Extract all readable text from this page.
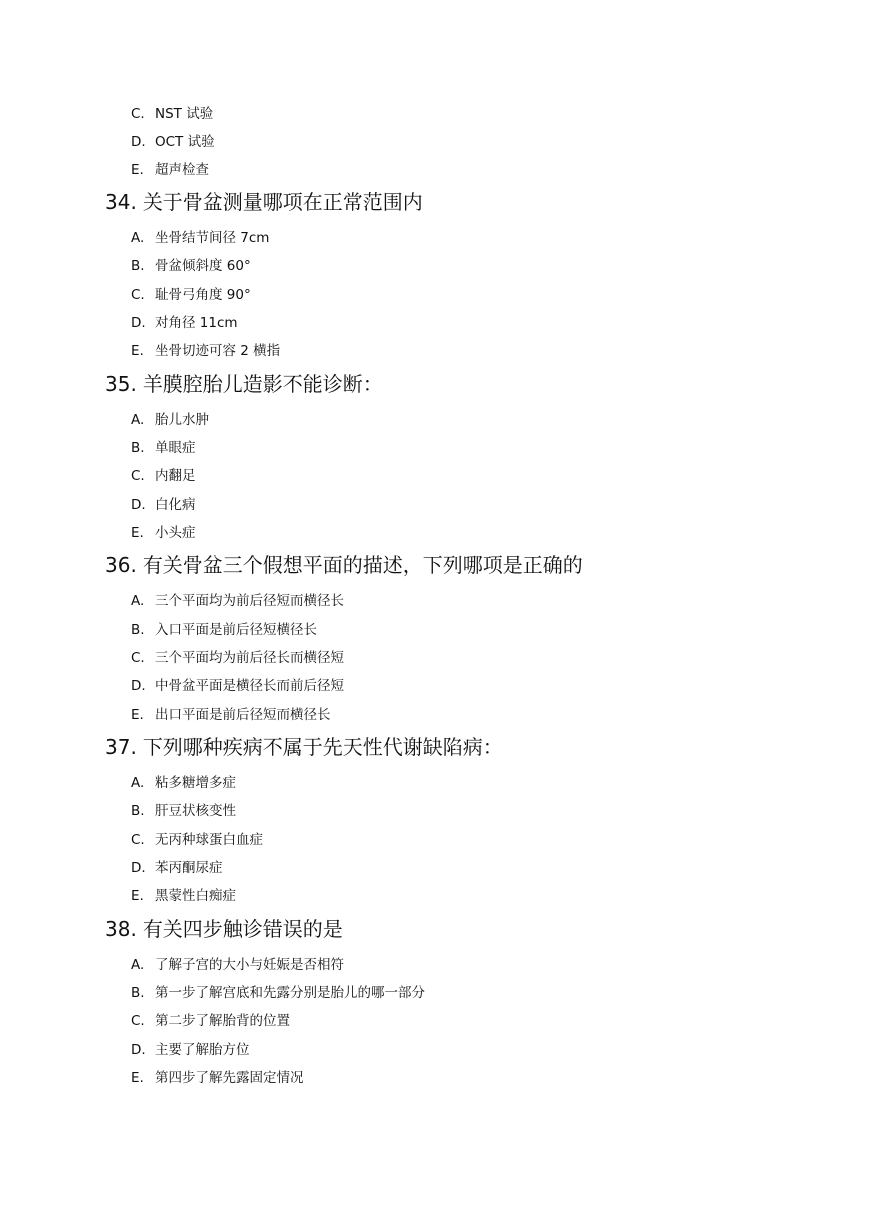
C. NST 试验
D. OCT 试验
E. 超声检查
34. 关于骨盆测量哪项在正常范围内
A. 坐骨结节间径 7cm
B. 骨盆倾斜度 60°
C. 耻骨弓角度 90°
D. 对角径 11cm
E. 坐骨切迹可容 2 横指
35. 羊膜腔胎儿造影不能诊断：
A. 胎儿水肿
B. 单眼症
C. 内翻足
D. 白化病
E. 小头症
36. 有关骨盆三个假想平面的描述，下列哪项是正确的
A. 三个平面均为前后径短而横径长
B. 入口平面是前后径短横径长
C. 三个平面均为前后径长而横径短
D. 中骨盆平面是横径长而前后径短
E. 出口平面是前后径短而横径长
37. 下列哪种疾病不属于先天性代谢缺陷病：
A. 粘多糖增多症
B. 肝豆状核变性
C. 无丙种球蛋白血症
D. 苯丙酮尿症
E. 黑蒙性白痴症
38. 有关四步触诊错误的是
A. 了解子宫的大小与妊娠是否相符
B. 第一步了解宫底和先露分别是胎儿的哪一部分
C. 第二步了解胎背的位置
D. 主要了解胎方位
E. 第四步了解先露固定情况
